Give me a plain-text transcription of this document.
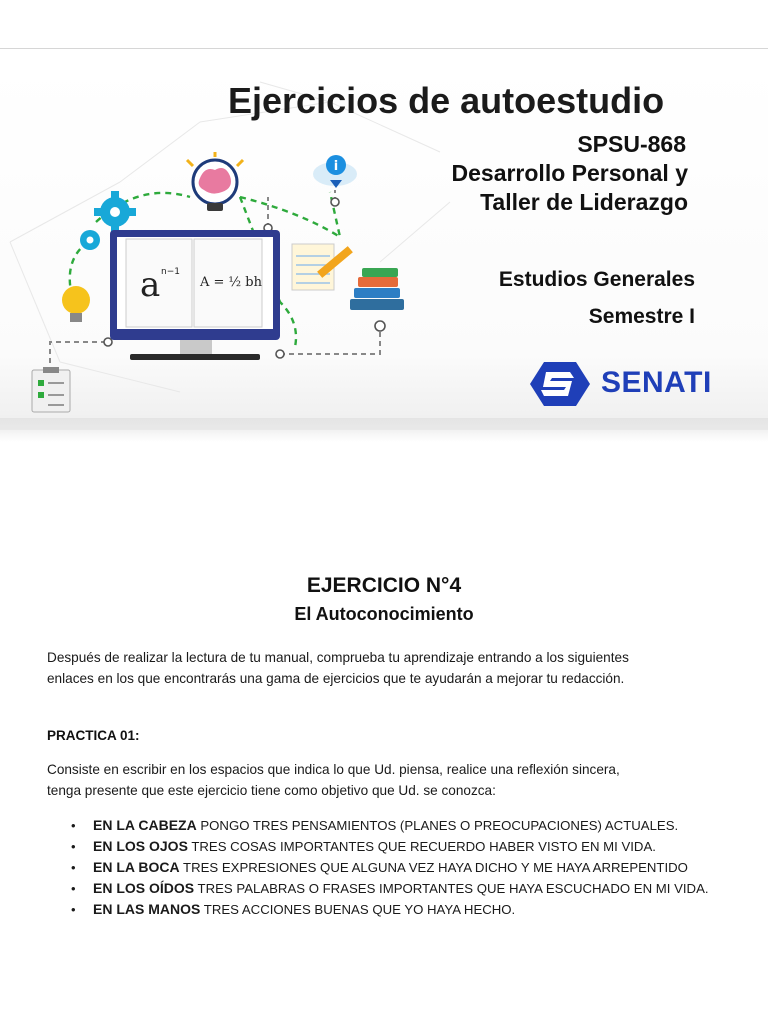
i
a n−1
A = ½ bh
Ejercicios de autoestudio
SPSU-868
Desarrollo Personal y
Taller de Liderazgo
Estudios Generales
Semestre I
SENATI
EJERCICIO N°4
El Autoconocimiento

Después de realizar la lectura de tu manual, comprueba tu aprendizaje entrando a los siguientes
enlaces en los que encontrarás una gama de ejercicios que te ayudarán a mejorar tu redacción.

PRACTICA 01:

Consiste en escribir en los espacios que indica lo que Ud. piensa, realice una reflexión sincera,
tenga presente que este ejercicio tiene como objetivo que Ud. se conozca:

• EN LA CABEZA PONGO TRES PENSAMIENTOS (PLANES O PREOCUPACIONES) ACTUALES.
• EN LOS OJOS TRES COSAS IMPORTANTES QUE RECUERDO HABER VISTO EN MI VIDA.
• EN LA BOCA TRES EXPRESIONES QUE ALGUNA VEZ HAYA DICHO Y ME HAYA ARREPENTIDO
• EN LOS OÍDOS TRES PALABRAS O FRASES IMPORTANTES QUE HAYA ESCUCHADO EN MI VIDA.
• EN LAS MANOS TRES ACCIONES BUENAS QUE YO HAYA HECHO.
